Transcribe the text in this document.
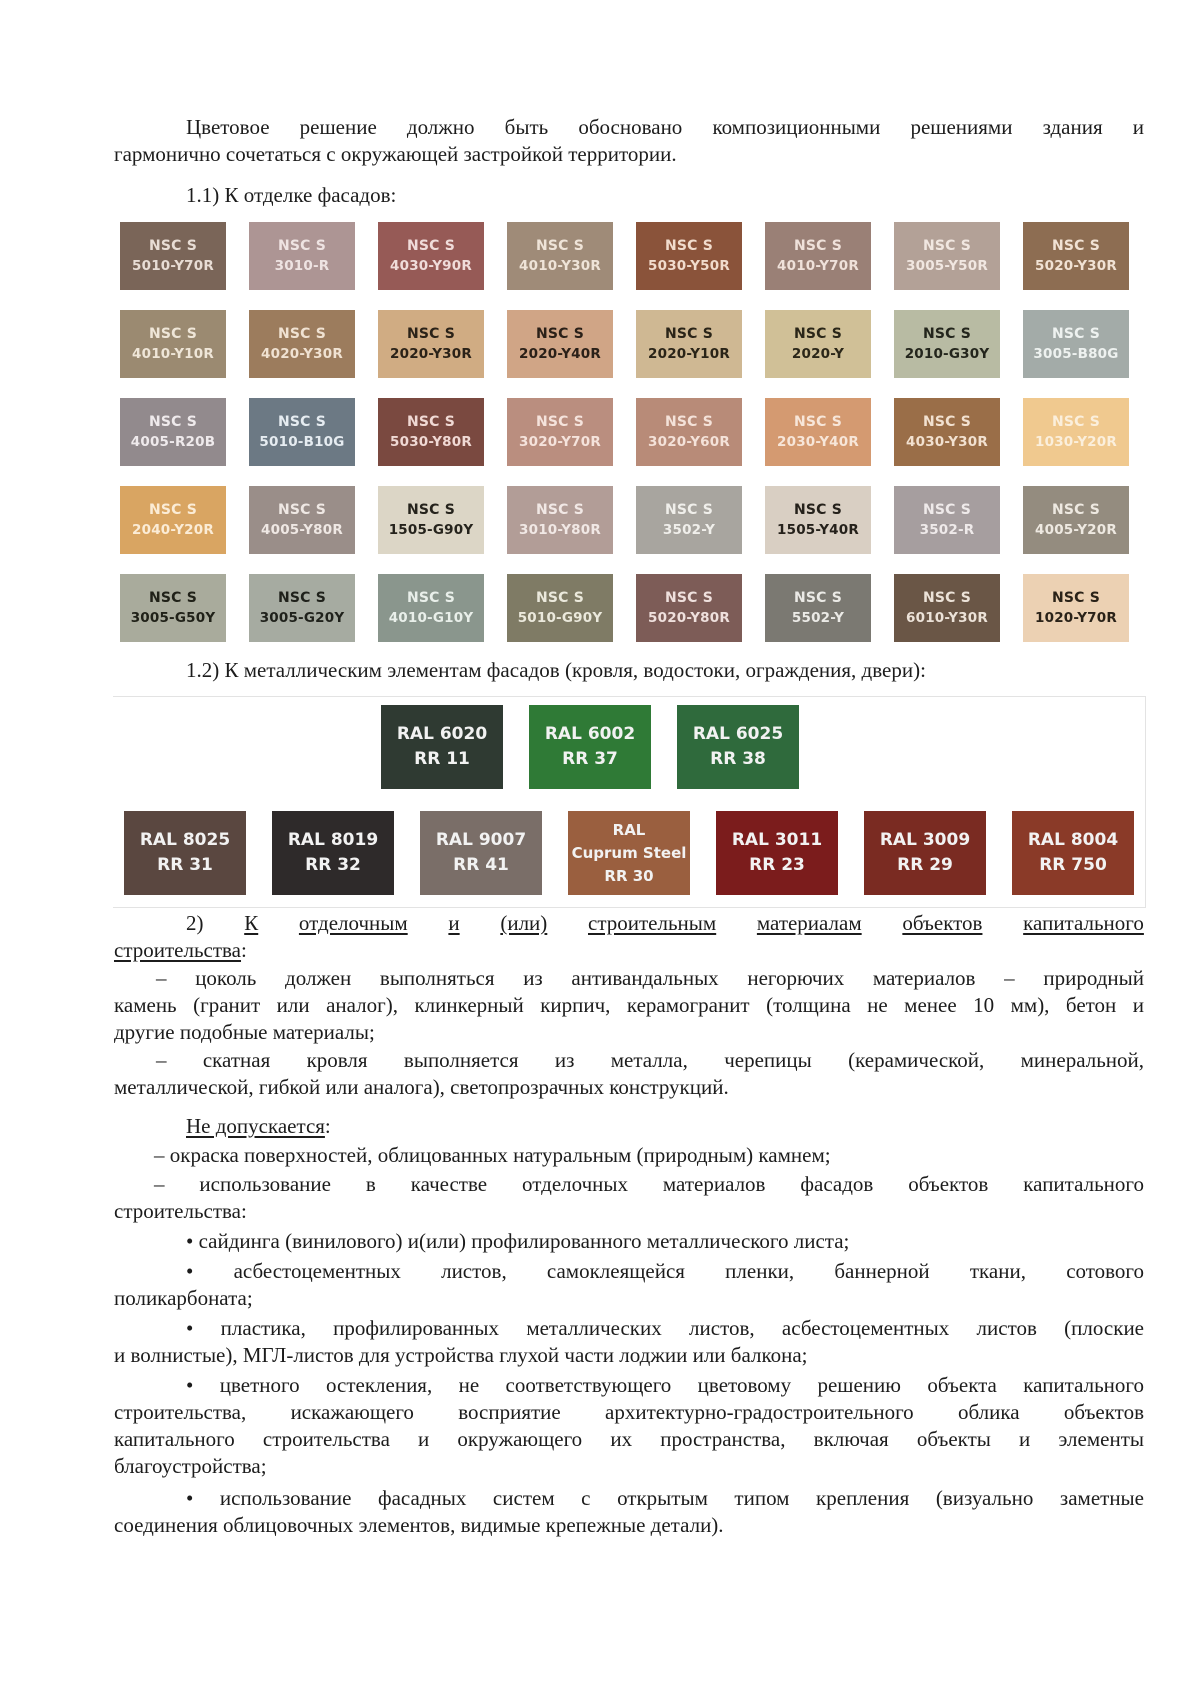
Цветовое решение должно быть обосновано композиционными решениями здания и
гармонично сочетаться с окружающей застройкой территории.
1.1) К отделке фасадов:
NSC S
5010-Y70R
NSC S
3010-R
NSC S
4030-Y90R
NSC S
4010-Y30R
NSC S
5030-Y50R
NSC S
4010-Y70R
NSC S
3005-Y50R
NSC S
5020-Y30R
NSC S
4010-Y10R
NSC S
4020-Y30R
NSC S
2020-Y30R
NSC S
2020-Y40R
NSC S
2020-Y10R
NSC S
2020-Y
NSC S
2010-G30Y
NSC S
3005-B80G
NSC S
4005-R20B
NSC S
5010-B10G
NSC S
5030-Y80R
NSC S
3020-Y70R
NSC S
3020-Y60R
NSC S
2030-Y40R
NSC S
4030-Y30R
NSC S
1030-Y20R
NSC S
2040-Y20R
NSC S
4005-Y80R
NSC S
1505-G90Y
NSC S
3010-Y80R
NSC S
3502-Y
NSC S
1505-Y40R
NSC S
3502-R
NSC S
4005-Y20R
NSC S
3005-G50Y
NSC S
3005-G20Y
NSC S
4010-G10Y
NSC S
5010-G90Y
NSC S
5020-Y80R
NSC S
5502-Y
NSC S
6010-Y30R
NSC S
1020-Y70R
1.2) К металлическим элементам фасадов (кровля, водостоки, ограждения, двери):
RAL 6020
RR 11
RAL 6002
RR 37
RAL 6025
RR 38
RAL 8025
RR 31
RAL 8019
RR 32
RAL 9007
RR 41
RAL
Cuprum Steel
RR 30
RAL 3011
RR 23
RAL 3009
RR 29
RAL 8004
RR 750
2) К отделочным и (или) строительным материалам объектов капитального
строительства:
– цоколь должен выполняться из антивандальных негорючих материалов – природный
камень (гранит или аналог), клинкерный кирпич, керамогранит (толщина не менее 10 мм), бетон и
другие подобные материалы;
– скатная кровля выполняется из металла, черепицы (керамической, минеральной,
металлической, гибкой или аналога), светопрозрачных конструкций.
Не допускается:
– окраска поверхностей, облицованных натуральным (природным) камнем;
– использование в качестве отделочных материалов фасадов объектов капитального
строительства:
• сайдинга (винилового) и(или) профилированного металлического листа;
• асбестоцементных листов, самоклеящейся пленки, баннерной ткани, сотового
поликарбоната;
• пластика, профилированных металлических листов, асбестоцементных листов (плоские
и волнистые), МГЛ-листов для устройства глухой части лоджии или балкона;
• цветного остекления, не соответствующего цветовому решению объекта капитального
строительства, искажающего восприятие архитектурно-градостроительного облика объектов
капитального строительства и окружающего их пространства, включая объекты и элементы
благоустройства;
• использование фасадных систем с открытым типом крепления (визуально заметные
соединения облицовочных элементов, видимые крепежные детали).
